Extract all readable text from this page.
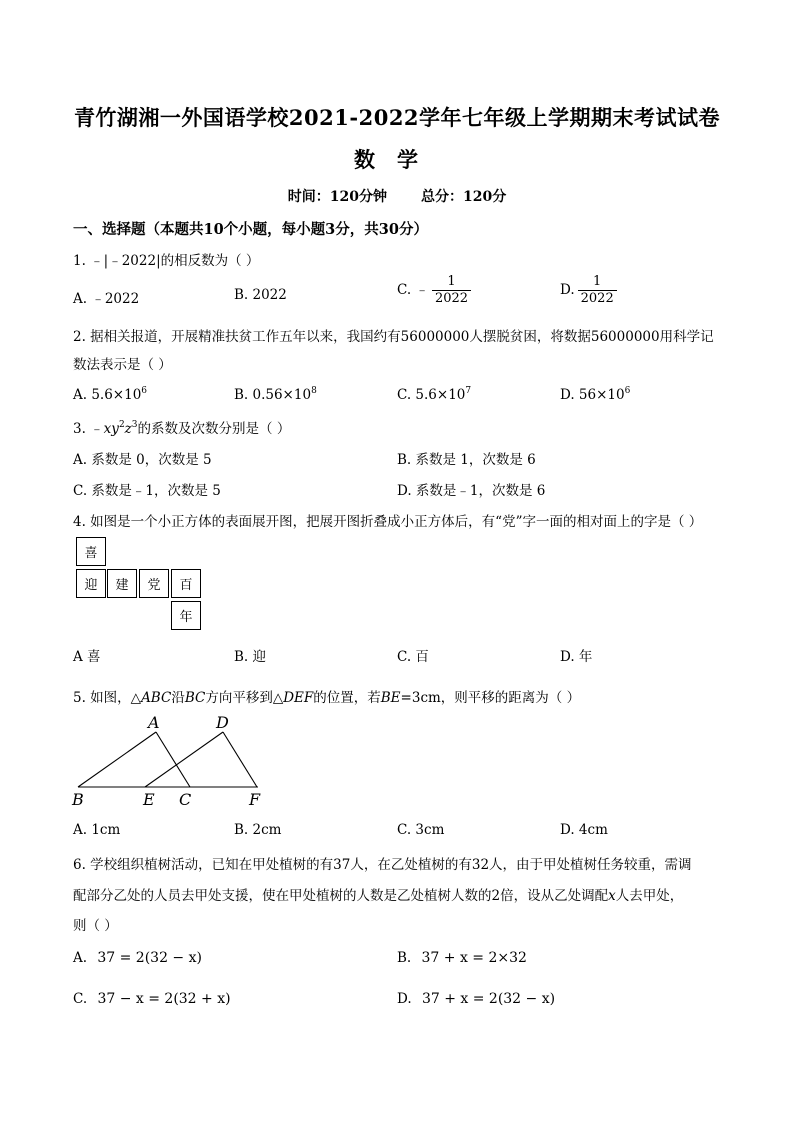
青竹湖湘一外国语学校2021-2022学年七年级上学期期末考试试卷
数学
时间：120分钟 总分：120分
一、选择题（本题共10个小题，每小题3分，共30分）
1. ﹣|﹣2022|的相反数为（ ）
A. ﹣2022	B. 2022	C. ﹣ $\frac{1}{2022}$	D. $\frac{1}{2022}$
2. 据相关报道，开展精准扶贫工作五年以来，我国约有56000000人摆脱贫困，将数据56000000用科学记
数法表示是（ ）
A. $5.6\times 10^6$	B. $0.56\times 10^8$	C. $5.6\times 10^7$	D. $56\times 10^6$
3. $﹣xy^2z^3$的系数及次数分别是（ ）
A. 系数是 0，次数是 5	B. 系数是 1，次数是 6
C. 系数是﹣1，次数是 5	D. 系数是﹣1，次数是 6
4. 如图是一个小正方体的表面展开图，把展开图折叠成小正方体后，有“党”字一面的相对面上的字是（ ）
喜
迎	建	党	百
年
A 喜	B. 迎	C. 百	D. 年
5. 如图，△ABC沿BC方向平移到△DEF的位置，若BE=3cm，则平移的距离为（ ）
A	D
B	E C	F
A. 1cm	B. 2cm	C. 3cm	D. 4cm
6. 学校组织植树活动，已知在甲处植树的有37人，在乙处植树的有32人，由于甲处植树任务较重，需调
配部分乙处的人员去甲处支援，使在甲处植树的人数是乙处植树人数的2倍，设从乙处调配x人去甲处，
则（ ）
A. 37 = 2(32 − x)	B. 37 + x = 2×32
C. 37 − x = 2(32 + x)	D. 37 + x = 2(32 − x)
